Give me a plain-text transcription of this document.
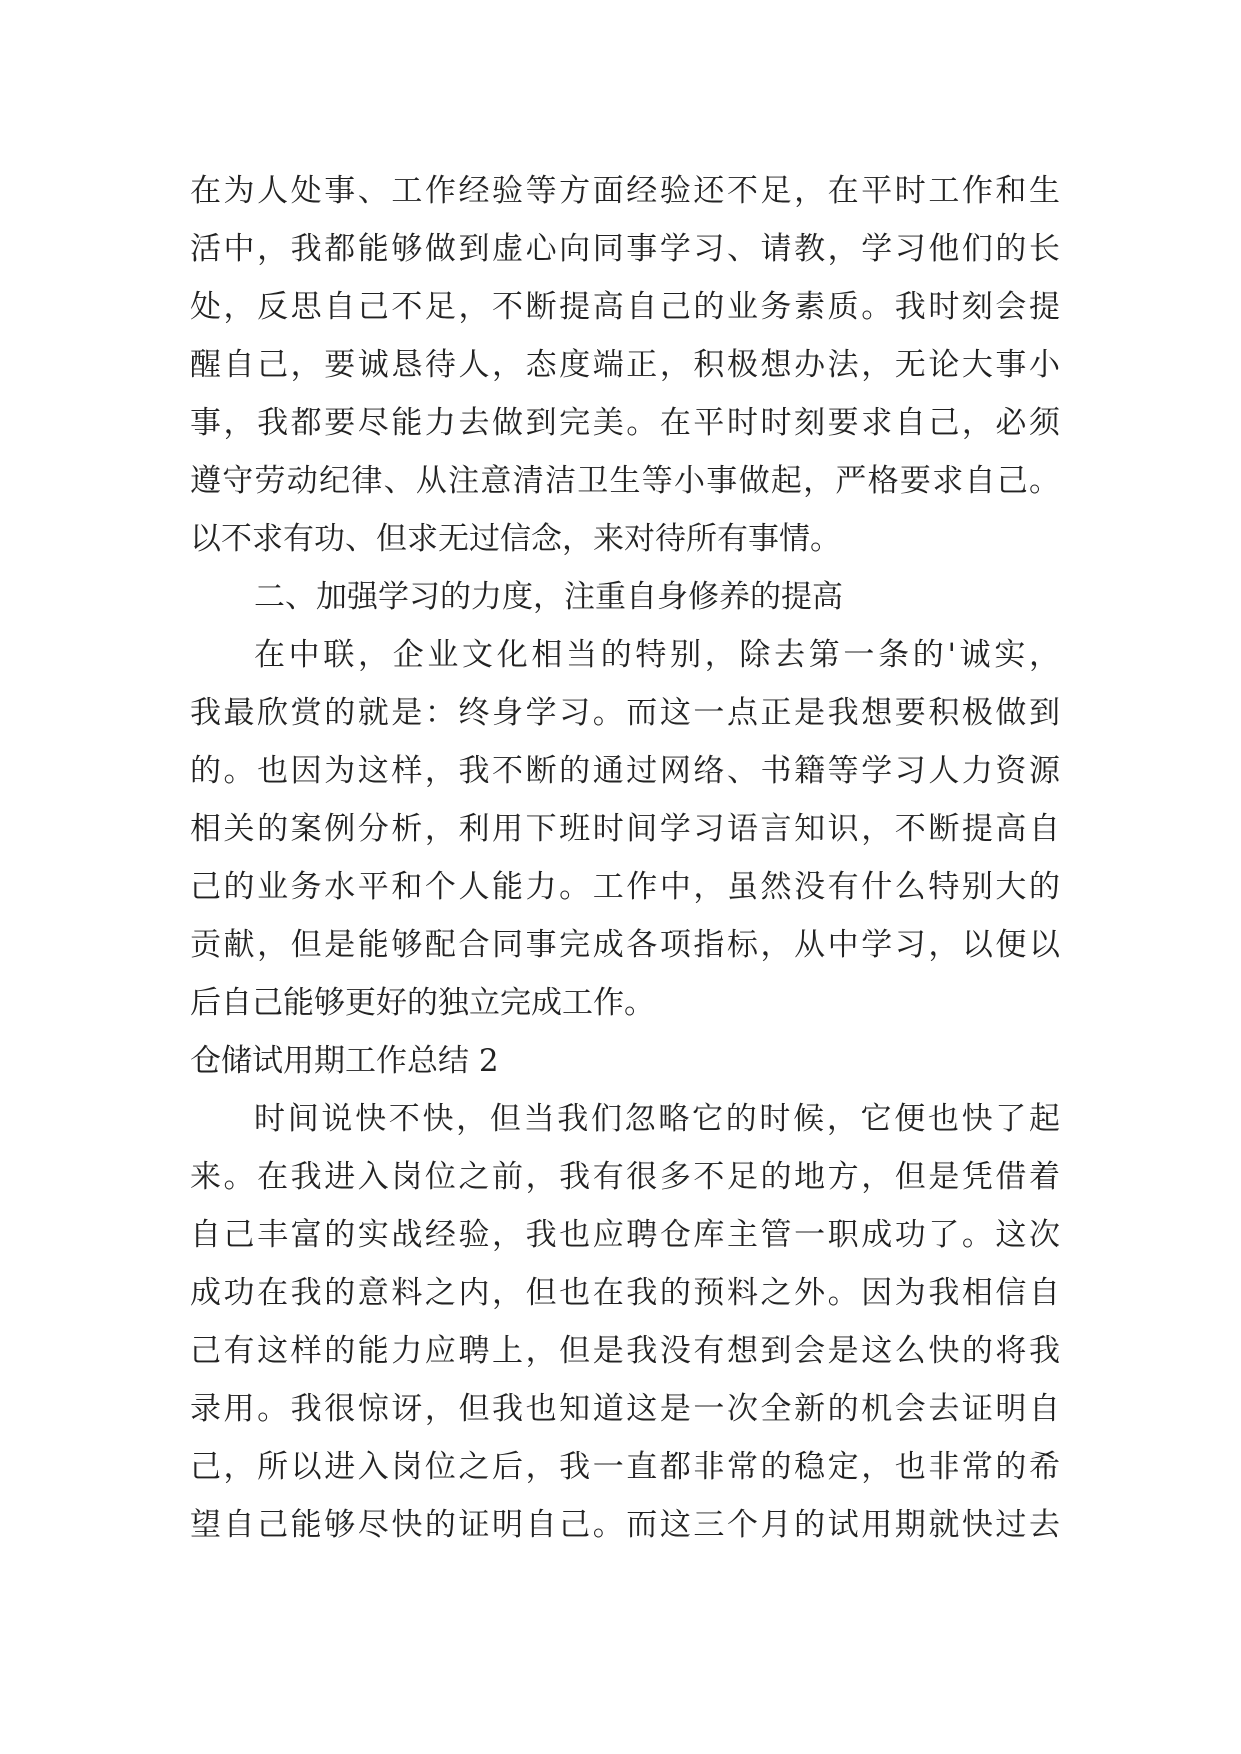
在为人处事、工作经验等方面经验还不足，在平时工作和生
活中，我都能够做到虚心向同事学习、请教，学习他们的长
处，反思自己不足，不断提高自己的业务素质。我时刻会提
醒自己，要诚恳待人，态度端正，积极想办法，无论大事小
事，我都要尽能力去做到完美。在平时时刻要求自己，必须
遵守劳动纪律、从注意清洁卫生等小事做起，严格要求自己。
以不求有功、但求无过信念，来对待所有事情。
二、加强学习的力度，注重自身修养的提高
在中联，企业文化相当的特别，除去第一条的'诚实，
我最欣赏的就是：终身学习。而这一点正是我想要积极做到
的。也因为这样，我不断的通过网络、书籍等学习人力资源
相关的案例分析，利用下班时间学习语言知识，不断提高自
己的业务水平和个人能力。工作中，虽然没有什么特别大的
贡献，但是能够配合同事完成各项指标，从中学习，以便以
后自己能够更好的独立完成工作。
仓储试用期工作总结 2
时间说快不快，但当我们忽略它的时候，它便也快了起
来。在我进入岗位之前，我有很多不足的地方，但是凭借着
自己丰富的实战经验，我也应聘仓库主管一职成功了。这次
成功在我的意料之内，但也在我的预料之外。因为我相信自
己有这样的能力应聘上，但是我没有想到会是这么快的将我
录用。我很惊讶，但我也知道这是一次全新的机会去证明自
己，所以进入岗位之后，我一直都非常的稳定，也非常的希
望自己能够尽快的证明自己。而这三个月的试用期就快过去
